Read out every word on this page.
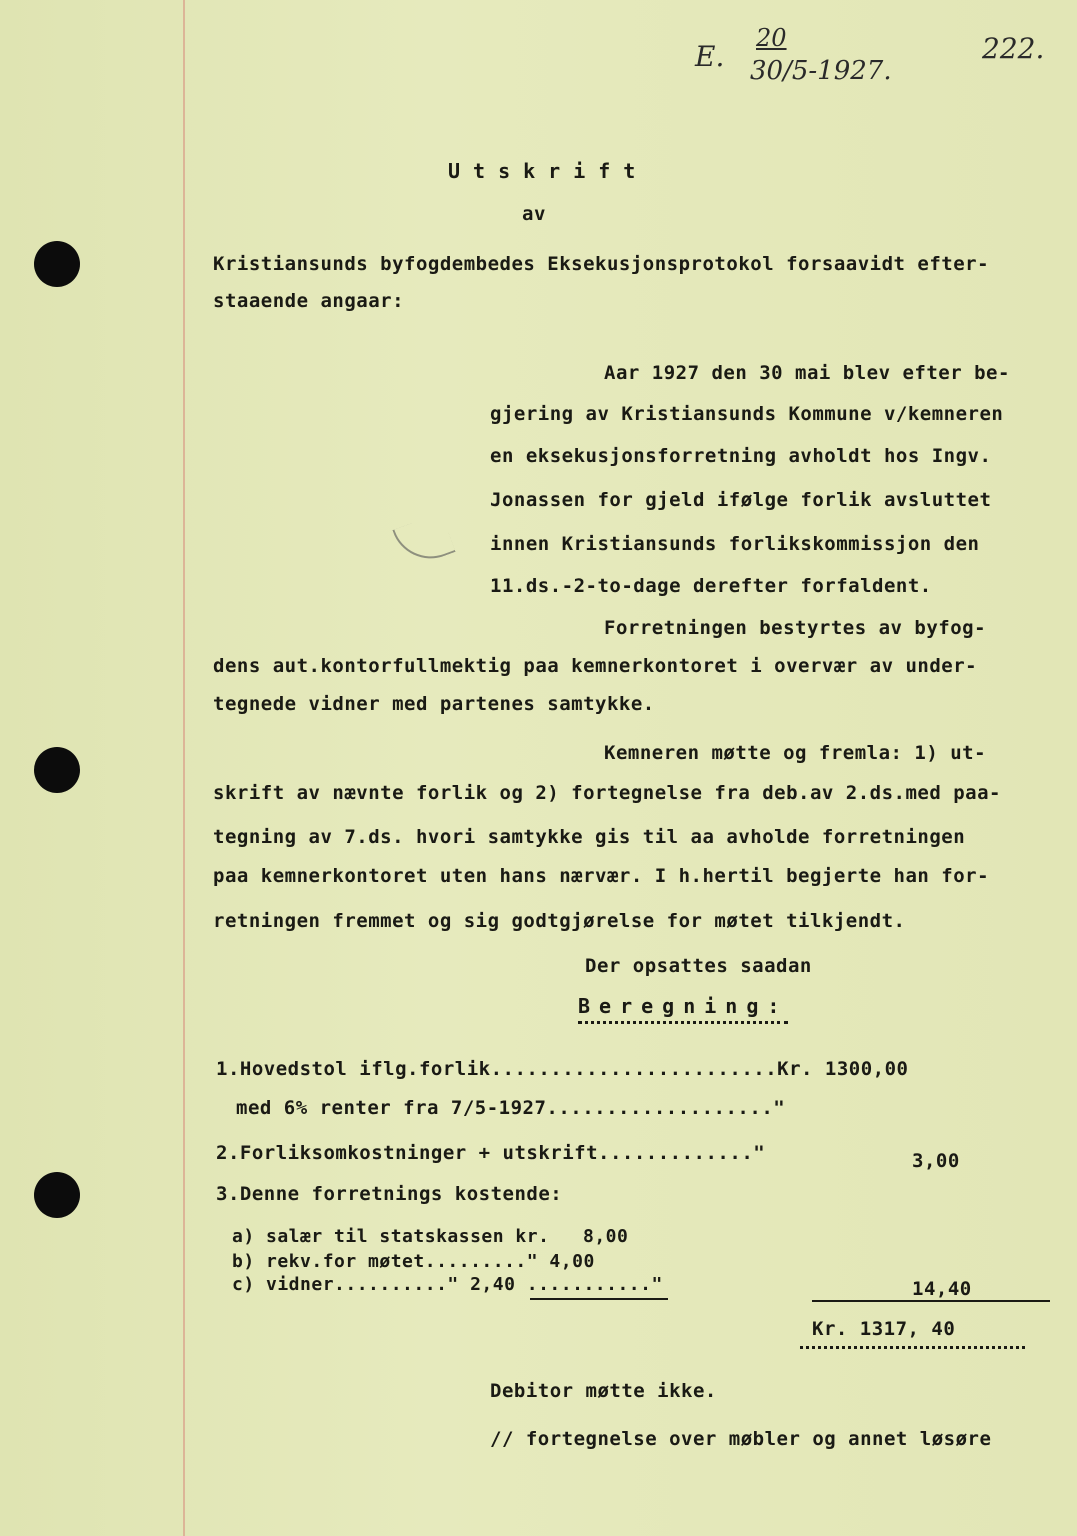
E.
20
30/5-1927.
222.
Utskrift
av
Kristiansunds byfogdembedes Eksekusjonsprotokol forsaavidt efter-
staaende angaar:
Aar 1927 den 30 mai blev efter be-
gjering av Kristiansunds Kommune v/kemneren
en eksekusjonsforretning avholdt hos Ingv.
Jonassen for gjeld ifølge forlik avsluttet
innen Kristiansunds forlikskommissjon den
11.ds.-2-to-dage derefter forfaldent.
Forretningen bestyrtes av byfog-
dens aut.kontorfullmektig paa kemnerkontoret i overvær av under-
tegnede vidner med partenes samtykke.
Kemneren møtte og fremla: 1) ut-
skrift av nævnte forlik og 2) fortegnelse fra deb.av 2.ds.med paa-
tegning av 7.ds. hvori samtykke gis til aa avholde forretningen
paa kemnerkontoret uten hans nærvær. I h.hertil begjerte han for-
retningen fremmet og sig godtgjørelse for møtet tilkjendt.
Der opsattes saadan
Beregning:
1.Hovedstol iflg.forlik........................Kr. 1300,00
med 6% renter fra 7/5-1927..................."
2.Forliksomkostninger + utskrift............."	3,00
3.Denne forretnings kostende:
a) salær til statskassen kr. 8,00
b) rekv.for møtet........." 4,00
c) vidner.........." 2,40 ..........."	14,40
Kr. 1317, 40
Debitor møtte ikke.
// fortegnelse over møbler og annet løsøre
